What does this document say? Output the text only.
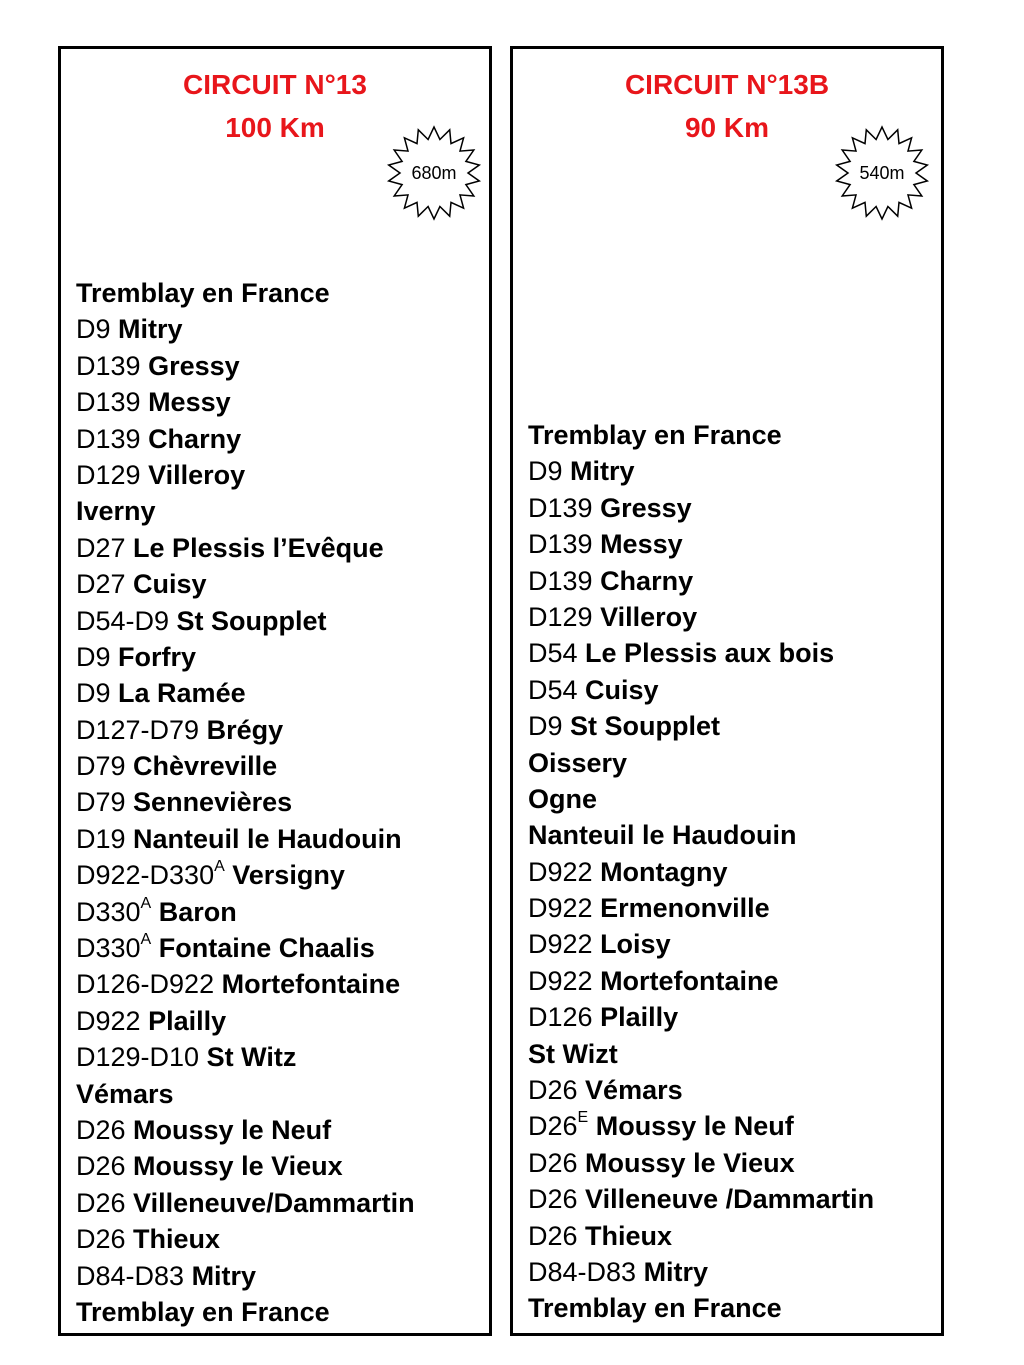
CIRCUIT N°13
100 Km
680m
Tremblay en France
D9 Mitry
D139 Gressy
D139 Messy
D139 Charny
D129 Villeroy
Iverny
D27 Le Plessis l’Evêque
D27 Cuisy
D54-D9 St Soupplet
D9 Forfry
D9 La Ramée
D127-D79 Brégy
D79 Chèvreville
D79 Sennevières
D19 Nanteuil le Haudouin
$D922-D330^A$ Versigny
$D330^A$ Baron
$D330^A$ Fontaine Chaalis
D126-D922 Mortefontaine
D922 Plailly
D129-D10 St Witz
Vémars
D26 Moussy le Neuf
D26 Moussy le Vieux
D26 Villeneuve/Dammartin
D26 Thieux
D84-D83 Mitry
Tremblay en France
CIRCUIT N°13B
90 Km
540m
Tremblay en France
D9 Mitry
D139 Gressy
D139 Messy
D139 Charny
D129 Villeroy
D54 Le Plessis aux bois
D54 Cuisy
D9 St Soupplet
Oissery
Ogne
Nanteuil le Haudouin
D922 Montagny
D922 Ermenonville
D922 Loisy
D922 Mortefontaine
D126 Plailly
St Wizt
D26 Vémars
$D26^E$ Moussy le Neuf
D26 Moussy le Vieux
D26 Villeneuve /Dammartin
D26 Thieux
D84-D83 Mitry
Tremblay en France
